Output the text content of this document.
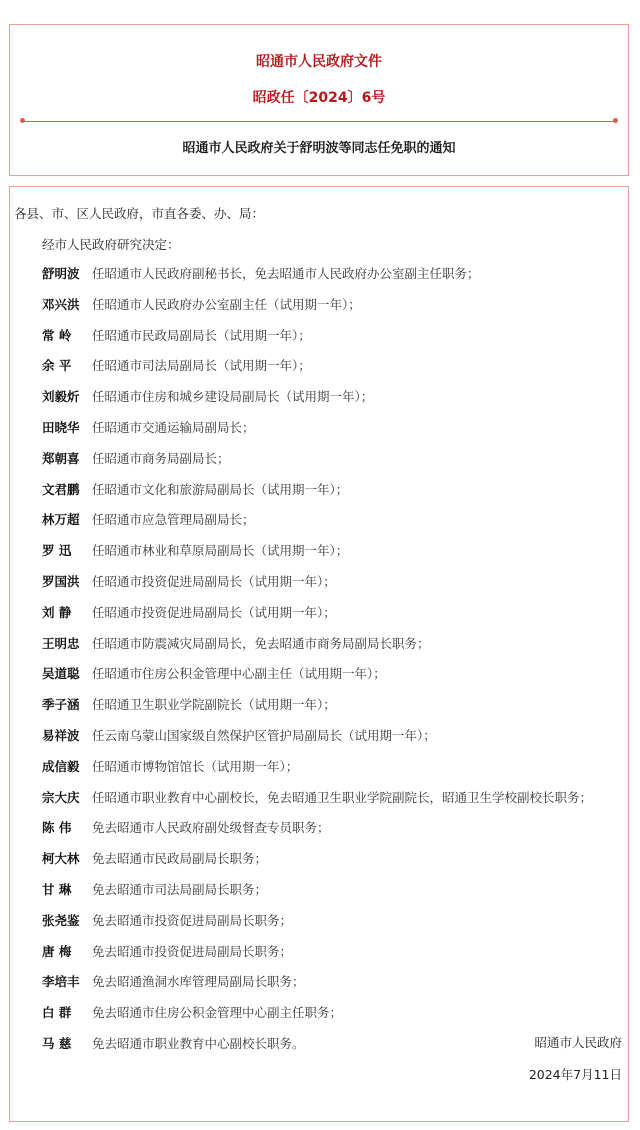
昭通市人民政府文件
昭政任〔2024〕6号
昭通市人民政府关于舒明波等同志任免职的通知
各县、市、区人民政府，市直各委、办、局：
经市人民政府研究决定：
舒明波 任昭通市人民政府副秘书长，免去昭通市人民政府办公室副主任职务；
邓兴洪 任昭通市人民政府办公室副主任（试用期一年）；
常 岭 任昭通市民政局副局长（试用期一年）；
余 平 任昭通市司法局副局长（试用期一年）；
刘毅炘 任昭通市住房和城乡建设局副局长（试用期一年）；
田晓华 任昭通市交通运输局副局长；
郑朝喜 任昭通市商务局副局长；
文君鹏 任昭通市文化和旅游局副局长（试用期一年）；
林万超 任昭通市应急管理局副局长；
罗 迅 任昭通市林业和草原局副局长（试用期一年）；
罗国洪 任昭通市投资促进局副局长（试用期一年）；
刘 静 任昭通市投资促进局副局长（试用期一年）；
王明忠 任昭通市防震减灾局副局长，免去昭通市商务局副局长职务；
吴道聪 任昭通市住房公积金管理中心副主任（试用期一年）；
季子涵 任昭通卫生职业学院副院长（试用期一年）；
易祥波 任云南乌蒙山国家级自然保护区管护局副局长（试用期一年）；
成信毅 任昭通市博物馆馆长（试用期一年）；
宗大庆 任昭通市职业教育中心副校长，免去昭通卫生职业学院副院长，昭通卫生学校副校长职务；
陈 伟 免去昭通市人民政府副处级督查专员职务；
柯大林 免去昭通市民政局副局长职务；
甘 琳 免去昭通市司法局副局长职务；
张尧鉴 免去昭通市投资促进局副局长职务；
唐 梅 免去昭通市投资促进局副局长职务；
李培丰 免去昭通渔洞水库管理局副局长职务；
白 群 免去昭通市住房公积金管理中心副主任职务；
马 慈 免去昭通市职业教育中心副校长职务。	昭通市人民政府
2024年7月11日
